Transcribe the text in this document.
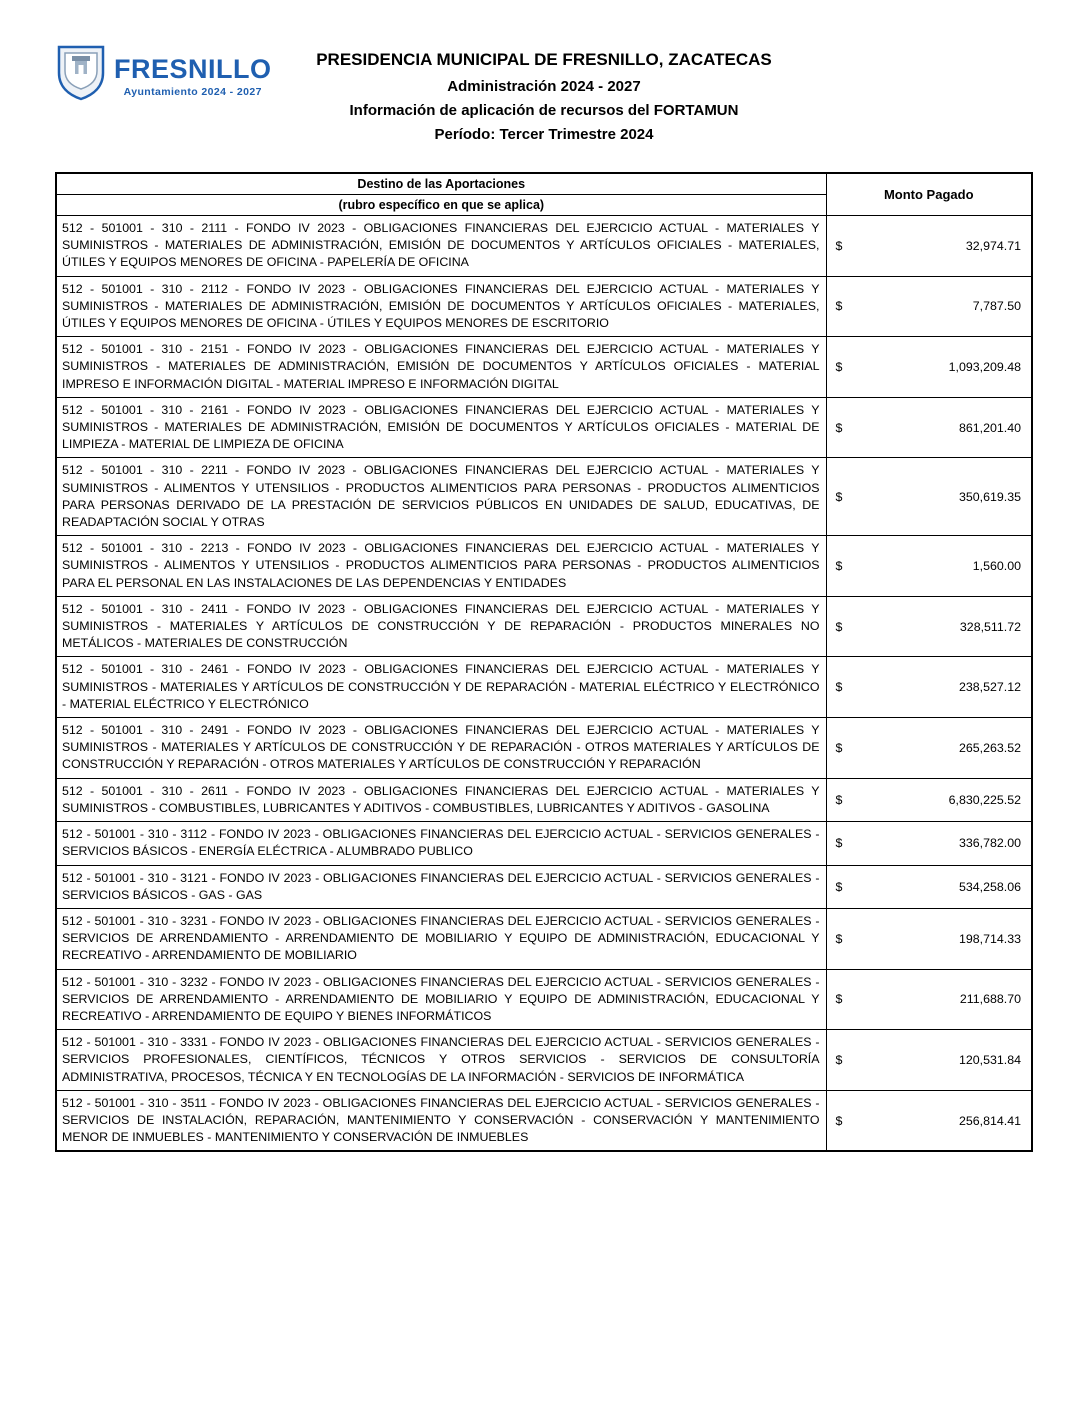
FRESNILLO
Ayuntamiento 2024 - 2027
PRESIDENCIA MUNICIPAL DE FRESNILLO, ZACATECAS
Administración 2024 - 2027
Información de aplicación de recursos del FORTAMUN
Período: Tercer Trimestre 2024
Destino de las Aportaciones	Monto Pagado
(rubro específico en que se aplica)	
512 - 501001 - 310 - 2111 - FONDO IV 2023 - OBLIGACIONES FINANCIERAS DEL EJERCICIO ACTUAL - MATERIALES Y SUMINISTROS - MATERIALES DE ADMINISTRACIÓN, EMISIÓN DE DOCUMENTOS Y ARTÍCULOS OFICIALES - MATERIALES, ÚTILES Y EQUIPOS MENORES DE OFICINA - PAPELERÍA DE OFICINA	$ 32,974.71

512 - 501001 - 310 - 2112 - FONDO IV 2023 - OBLIGACIONES FINANCIERAS DEL EJERCICIO ACTUAL - MATERIALES Y SUMINISTROS - MATERIALES DE ADMINISTRACIÓN, EMISIÓN DE DOCUMENTOS Y ARTÍCULOS OFICIALES - MATERIALES, ÚTILES Y EQUIPOS MENORES DE OFICINA - ÚTILES Y EQUIPOS MENORES DE ESCRITORIO	$ 7,787.50

512 - 501001 - 310 - 2151 - FONDO IV 2023 - OBLIGACIONES FINANCIERAS DEL EJERCICIO ACTUAL - MATERIALES Y SUMINISTROS - MATERIALES DE ADMINISTRACIÓN, EMISIÓN DE DOCUMENTOS Y ARTÍCULOS OFICIALES - MATERIAL IMPRESO E INFORMACIÓN DIGITAL - MATERIAL IMPRESO E INFORMACIÓN DIGITAL	$ 1,093,209.48

512 - 501001 - 310 - 2161 - FONDO IV 2023 - OBLIGACIONES FINANCIERAS DEL EJERCICIO ACTUAL - MATERIALES Y SUMINISTROS - MATERIALES DE ADMINISTRACIÓN, EMISIÓN DE DOCUMENTOS Y ARTÍCULOS OFICIALES - MATERIAL DE LIMPIEZA - MATERIAL DE LIMPIEZA DE OFICINA	$ 861,201.40

512 - 501001 - 310 - 2211 - FONDO IV 2023 - OBLIGACIONES FINANCIERAS DEL EJERCICIO ACTUAL - MATERIALES Y SUMINISTROS - ALIMENTOS Y UTENSILIOS - PRODUCTOS ALIMENTICIOS PARA PERSONAS - PRODUCTOS ALIMENTICIOS PARA PERSONAS DERIVADO DE LA PRESTACIÓN DE SERVICIOS PÚBLICOS EN UNIDADES DE SALUD, EDUCATIVAS, DE READAPTACIÓN SOCIAL Y OTRAS	$ 350,619.35

512 - 501001 - 310 - 2213 - FONDO IV 2023 - OBLIGACIONES FINANCIERAS DEL EJERCICIO ACTUAL - MATERIALES Y SUMINISTROS - ALIMENTOS Y UTENSILIOS - PRODUCTOS ALIMENTICIOS PARA PERSONAS - PRODUCTOS ALIMENTICIOS PARA EL PERSONAL EN LAS INSTALACIONES DE LAS DEPENDENCIAS Y ENTIDADES	$ 1,560.00

512 - 501001 - 310 - 2411 - FONDO IV 2023 - OBLIGACIONES FINANCIERAS DEL EJERCICIO ACTUAL - MATERIALES Y SUMINISTROS - MATERIALES Y ARTÍCULOS DE CONSTRUCCIÓN Y DE REPARACIÓN - PRODUCTOS MINERALES NO METÁLICOS - MATERIALES DE CONSTRUCCIÓN	$ 328,511.72

512 - 501001 - 310 - 2461 - FONDO IV 2023 - OBLIGACIONES FINANCIERAS DEL EJERCICIO ACTUAL - MATERIALES Y SUMINISTROS - MATERIALES Y ARTÍCULOS DE CONSTRUCCIÓN Y DE REPARACIÓN - MATERIAL ELÉCTRICO Y ELECTRÓNICO - MATERIAL ELÉCTRICO Y ELECTRÓNICO	$ 238,527.12

512 - 501001 - 310 - 2491 - FONDO IV 2023 - OBLIGACIONES FINANCIERAS DEL EJERCICIO ACTUAL - MATERIALES Y SUMINISTROS - MATERIALES Y ARTÍCULOS DE CONSTRUCCIÓN Y DE REPARACIÓN - OTROS MATERIALES Y ARTÍCULOS DE CONSTRUCCIÓN Y REPARACIÓN - OTROS MATERIALES Y ARTÍCULOS DE CONSTRUCCIÓN Y REPARACIÓN	$ 265,263.52

512 - 501001 - 310 - 2611 - FONDO IV 2023 - OBLIGACIONES FINANCIERAS DEL EJERCICIO ACTUAL - MATERIALES Y SUMINISTROS - COMBUSTIBLES, LUBRICANTES Y ADITIVOS - COMBUSTIBLES, LUBRICANTES Y ADITIVOS - GASOLINA	$ 6,830,225.52

512 - 501001 - 310 - 3112 - FONDO IV 2023 - OBLIGACIONES FINANCIERAS DEL EJERCICIO ACTUAL - SERVICIOS GENERALES - SERVICIOS BÁSICOS - ENERGÍA ELÉCTRICA - ALUMBRADO PUBLICO	$ 336,782.00

512 - 501001 - 310 - 3121 - FONDO IV 2023 - OBLIGACIONES FINANCIERAS DEL EJERCICIO ACTUAL - SERVICIOS GENERALES - SERVICIOS BÁSICOS - GAS - GAS	$ 534,258.06

512 - 501001 - 310 - 3231 - FONDO IV 2023 - OBLIGACIONES FINANCIERAS DEL EJERCICIO ACTUAL - SERVICIOS GENERALES - SERVICIOS DE ARRENDAMIENTO - ARRENDAMIENTO DE MOBILIARIO Y EQUIPO DE ADMINISTRACIÓN, EDUCACIONAL Y RECREATIVO - ARRENDAMIENTO DE MOBILIARIO	$ 198,714.33

512 - 501001 - 310 - 3232 - FONDO IV 2023 - OBLIGACIONES FINANCIERAS DEL EJERCICIO ACTUAL - SERVICIOS GENERALES - SERVICIOS DE ARRENDAMIENTO - ARRENDAMIENTO DE MOBILIARIO Y EQUIPO DE ADMINISTRACIÓN, EDUCACIONAL Y RECREATIVO - ARRENDAMIENTO DE EQUIPO Y BIENES INFORMÁTICOS	$ 211,688.70

512 - 501001 - 310 - 3331 - FONDO IV 2023 - OBLIGACIONES FINANCIERAS DEL EJERCICIO ACTUAL - SERVICIOS GENERALES - SERVICIOS PROFESIONALES, CIENTÍFICOS, TÉCNICOS Y OTROS SERVICIOS - SERVICIOS DE CONSULTORÍA ADMINISTRATIVA, PROCESOS, TÉCNICA Y EN TECNOLOGÍAS DE LA INFORMACIÓN - SERVICIOS DE INFORMÁTICA	$ 120,531.84

512 - 501001 - 310 - 3511 - FONDO IV 2023 - OBLIGACIONES FINANCIERAS DEL EJERCICIO ACTUAL - SERVICIOS GENERALES - SERVICIOS DE INSTALACIÓN, REPARACIÓN, MANTENIMIENTO Y CONSERVACIÓN - CONSERVACIÓN Y MANTENIMIENTO MENOR DE INMUEBLES - MANTENIMIENTO Y CONSERVACIÓN DE INMUEBLES	$ 256,814.41
